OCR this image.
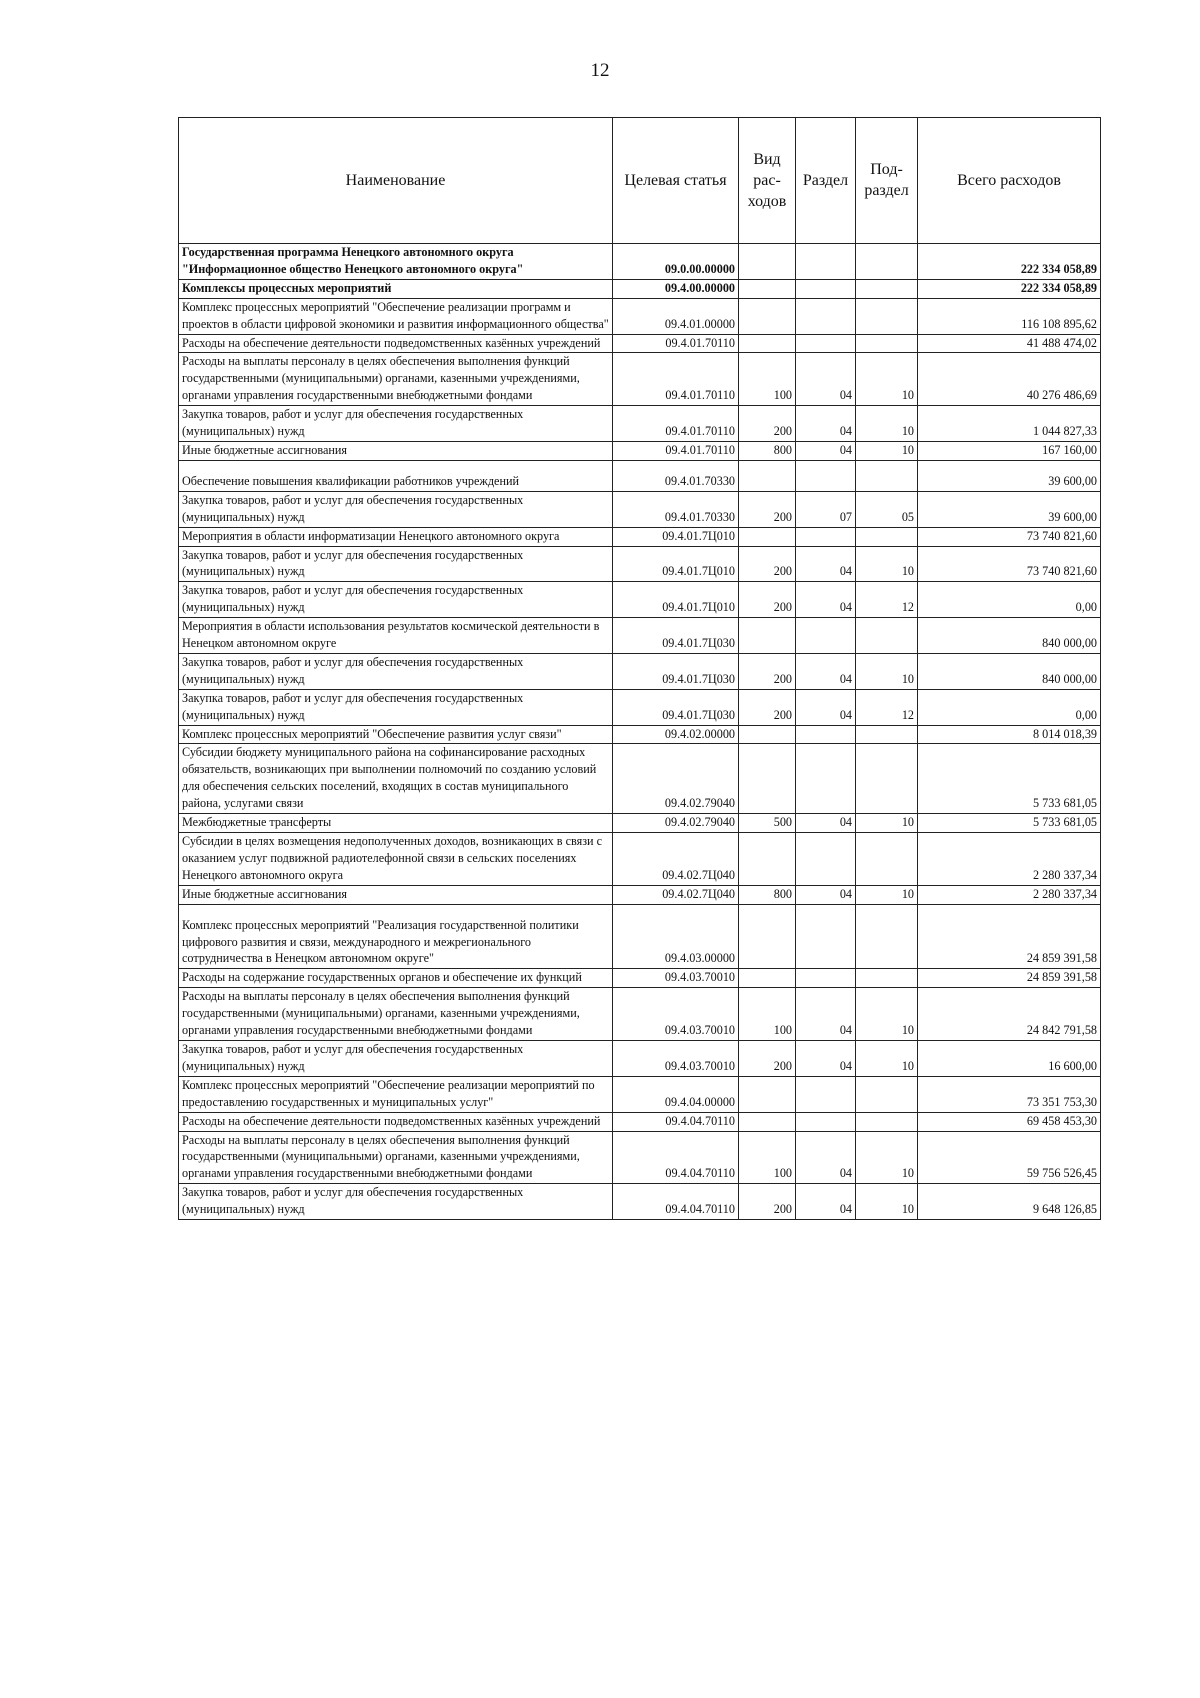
12
Наименование	Целевая статья	Вид
рас-
ходов	Раздел	Под-
раздел	Всего расходов
Государственная программа Ненецкого автономного округа "Информационное общество Ненецкого автономного округа"	09.0.00.00000				222 334 058,89
Комплексы процессных мероприятий	09.4.00.00000				222 334 058,89
Комплекс процессных мероприятий "Обеспечение реализации программ и проектов в области цифровой экономики и развития информационного общества"	09.4.01.00000				116 108 895,62
Расходы на обеспечение деятельности подведомственных казённых учреждений	09.4.01.70110				41 488 474,02
Расходы на выплаты персоналу в целях обеспечения выполнения функций государственными (муниципальными) органами, казенными учреждениями, органами управления государственными внебюджетными фондами	09.4.01.70110	100	04	10	40 276 486,69
Закупка товаров, работ и услуг для обеспечения государственных (муниципальных) нужд	09.4.01.70110	200	04	10	1 044 827,33
Иные бюджетные ассигнования	09.4.01.70110	800	04	10	167 160,00
Обеспечение повышения квалификации работников учреждений	09.4.01.70330				39 600,00
Закупка товаров, работ и услуг для обеспечения государственных (муниципальных) нужд	09.4.01.70330	200	07	05	39 600,00
Мероприятия в области информатизации Ненецкого автономного округа	09.4.01.7Ц010				73 740 821,60
Закупка товаров, работ и услуг для обеспечения государственных (муниципальных) нужд	09.4.01.7Ц010	200	04	10	73 740 821,60
Закупка товаров, работ и услуг для обеспечения государственных (муниципальных) нужд	09.4.01.7Ц010	200	04	12	0,00
Мероприятия в области использования результатов космической деятельности в Ненецком автономном округе	09.4.01.7Ц030				840 000,00
Закупка товаров, работ и услуг для обеспечения государственных (муниципальных) нужд	09.4.01.7Ц030	200	04	10	840 000,00
Закупка товаров, работ и услуг для обеспечения государственных (муниципальных) нужд	09.4.01.7Ц030	200	04	12	0,00
Комплекс процессных мероприятий "Обеспечение развития услуг связи"	09.4.02.00000				8 014 018,39
Субсидии бюджету муниципального района на софинансирование расходных обязательств, возникающих при выполнении полномочий по созданию условий для обеспечения сельских поселений, входящих в состав муниципального района, услугами связи	09.4.02.79040				5 733 681,05
Межбюджетные трансферты	09.4.02.79040	500	04	10	5 733 681,05
Субсидии в целях возмещения недополученных доходов, возникающих в связи с оказанием услуг подвижной радиотелефонной связи в сельских поселениях Ненецкого автономного округа	09.4.02.7Ц040				2 280 337,34
Иные бюджетные ассигнования	09.4.02.7Ц040	800	04	10	2 280 337,34
Комплекс процессных мероприятий "Реализация государственной политики цифрового развития и связи, международного и межрегионального сотрудничества в Ненецком автономном округе"	09.4.03.00000				24 859 391,58
Расходы на содержание государственных органов и обеспечение их функций	09.4.03.70010				24 859 391,58
Расходы на выплаты персоналу в целях обеспечения выполнения функций государственными (муниципальными) органами, казенными учреждениями, органами управления государственными внебюджетными фондами	09.4.03.70010	100	04	10	24 842 791,58
Закупка товаров, работ и услуг для обеспечения государственных (муниципальных) нужд	09.4.03.70010	200	04	10	16 600,00
Комплекс процессных мероприятий "Обеспечение реализации мероприятий по предоставлению государственных и муниципальных услуг"	09.4.04.00000				73 351 753,30
Расходы на обеспечение деятельности подведомственных казённых учреждений	09.4.04.70110				69 458 453,30
Расходы на выплаты персоналу в целях обеспечения выполнения функций государственными (муниципальными) органами, казенными учреждениями, органами управления государственными внебюджетными фондами	09.4.04.70110	100	04	10	59 756 526,45
Закупка товаров, работ и услуг для обеспечения государственных (муниципальных) нужд	09.4.04.70110	200	04	10	9 648 126,85
